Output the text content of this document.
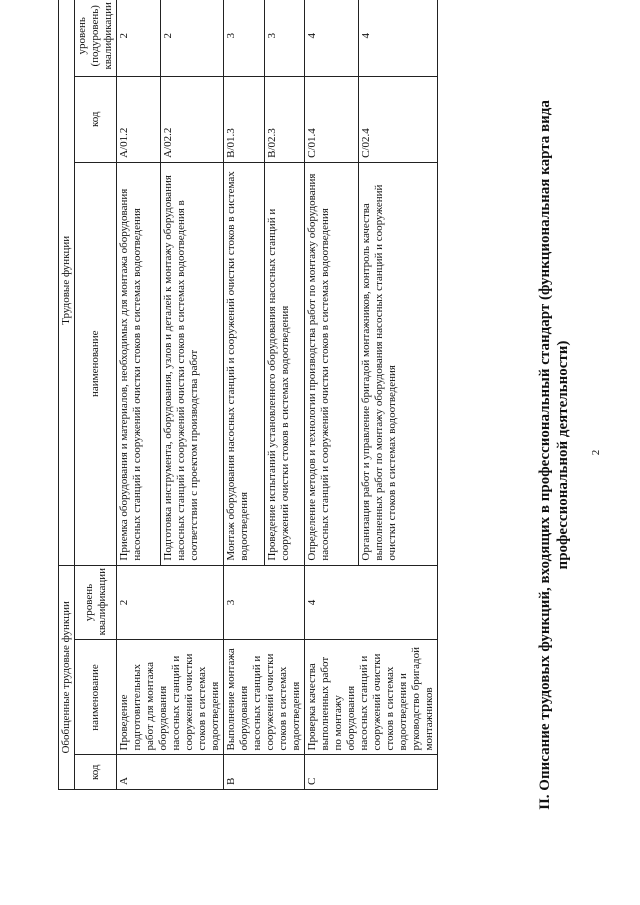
2
II. Описание трудовых функций, входящих в профессиональный стандарт (функциональная карта вида профессиональной деятельности)
Обобщенные трудовые функции			Трудовые функции		
код	наименование	уровень квалификации	наименование	код	уровень (подуровень) квалификации
А	Проведение подготовительных работ для монтажа оборудования насосных станций и сооружений очистки стоков в системах водоотведения	2	Приемка оборудования и материалов, необходимых для монтажа оборудования насосных станций и сооружений очистки стоков в системах водоотведения	А/01.2	2
			Подготовка инструмента, оборудования, узлов и деталей к монтажу оборудования насосных станций и сооружений очистки стоков в системах водоотведения в соответствии с проектом производства работ	А/02.2	2
В	Выполнение монтажа оборудования насосных станций и сооружений очистки стоков в системах водоотведения	3	Монтаж оборудования насосных станций и сооружений очистки стоков в системах водоотведения	В/01.3	3
			Проведение испытаний установленного оборудования насосных станций и сооружений очистки стоков в системах водоотведения	В/02.3	3
С	Проверка качества выполненных работ по монтажу оборудования насосных станций и сооружений очистки стоков в системах водоотведения и руководство бригадой монтажников	4	Определение методов и технологии производства работ по монтажу оборудования насосных станций и сооружений очистки стоков в системах водоотведения	С/01.4	4
			Организация работ и управление бригадой монтажников, контроль качества выполненных работ по монтажу оборудования насосных станций и сооружений очистки стоков в системах водоотведения	С/02.4	4
